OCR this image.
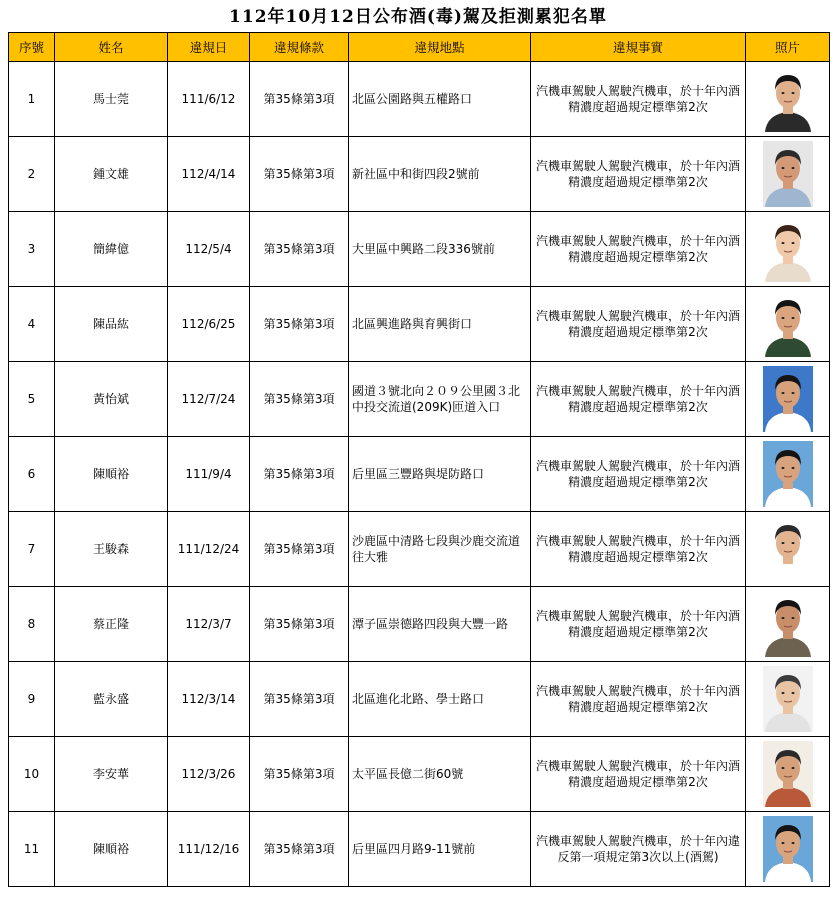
112年10月12日公布酒(毒)駕及拒測累犯名單
序號	姓名	違規日	違規條款	違規地點	違規事實	照片
1	馬士莞	111/6/12	第35條第3項	北區公園路與五權路口	汽機車駕駛人駕駛汽機車，於十年內酒精濃度超過規定標準第2次	

2	鍾文雄	112/4/14	第35條第3項	新社區中和街四段2號前	汽機車駕駛人駕駛汽機車，於十年內酒精濃度超過規定標準第2次	

3	簡緯億	112/5/4	第35條第3項	大里區中興路二段336號前	汽機車駕駛人駕駛汽機車，於十年內酒精濃度超過規定標準第2次	

4	陳品紘	112/6/25	第35條第3項	北區興進路與育興街口	汽機車駕駛人駕駛汽機車，於十年內酒精濃度超過規定標準第2次	

5	黃怡斌	112/7/24	第35條第3項	國道３號北向２０９公里國３北中投交流道(209K)匝道入口	汽機車駕駛人駕駛汽機車，於十年內酒精濃度超過規定標準第2次	

6	陳順裕	111/9/4	第35條第3項	后里區三豐路與堤防路口	汽機車駕駛人駕駛汽機車，於十年內酒精濃度超過規定標準第2次	

7	王駿森	111/12/24	第35條第3項	沙鹿區中清路七段與沙鹿交流道往大雅	汽機車駕駛人駕駛汽機車，於十年內酒精濃度超過規定標準第2次	

8	蔡正隆	112/3/7	第35條第3項	潭子區崇德路四段與大豐一路	汽機車駕駛人駕駛汽機車，於十年內酒精濃度超過規定標準第2次	

9	藍永盛	112/3/14	第35條第3項	北區進化北路、學士路口	汽機車駕駛人駕駛汽機車，於十年內酒精濃度超過規定標準第2次	

10	李安華	112/3/26	第35條第3項	太平區長億二街60號	汽機車駕駛人駕駛汽機車，於十年內酒精濃度超過規定標準第2次	

11	陳順裕	111/12/16	第35條第3項	后里區四月路9-11號前	汽機車駕駛人駕駛汽機車，於十年內違反第一項規定第3次以上(酒駕)	
